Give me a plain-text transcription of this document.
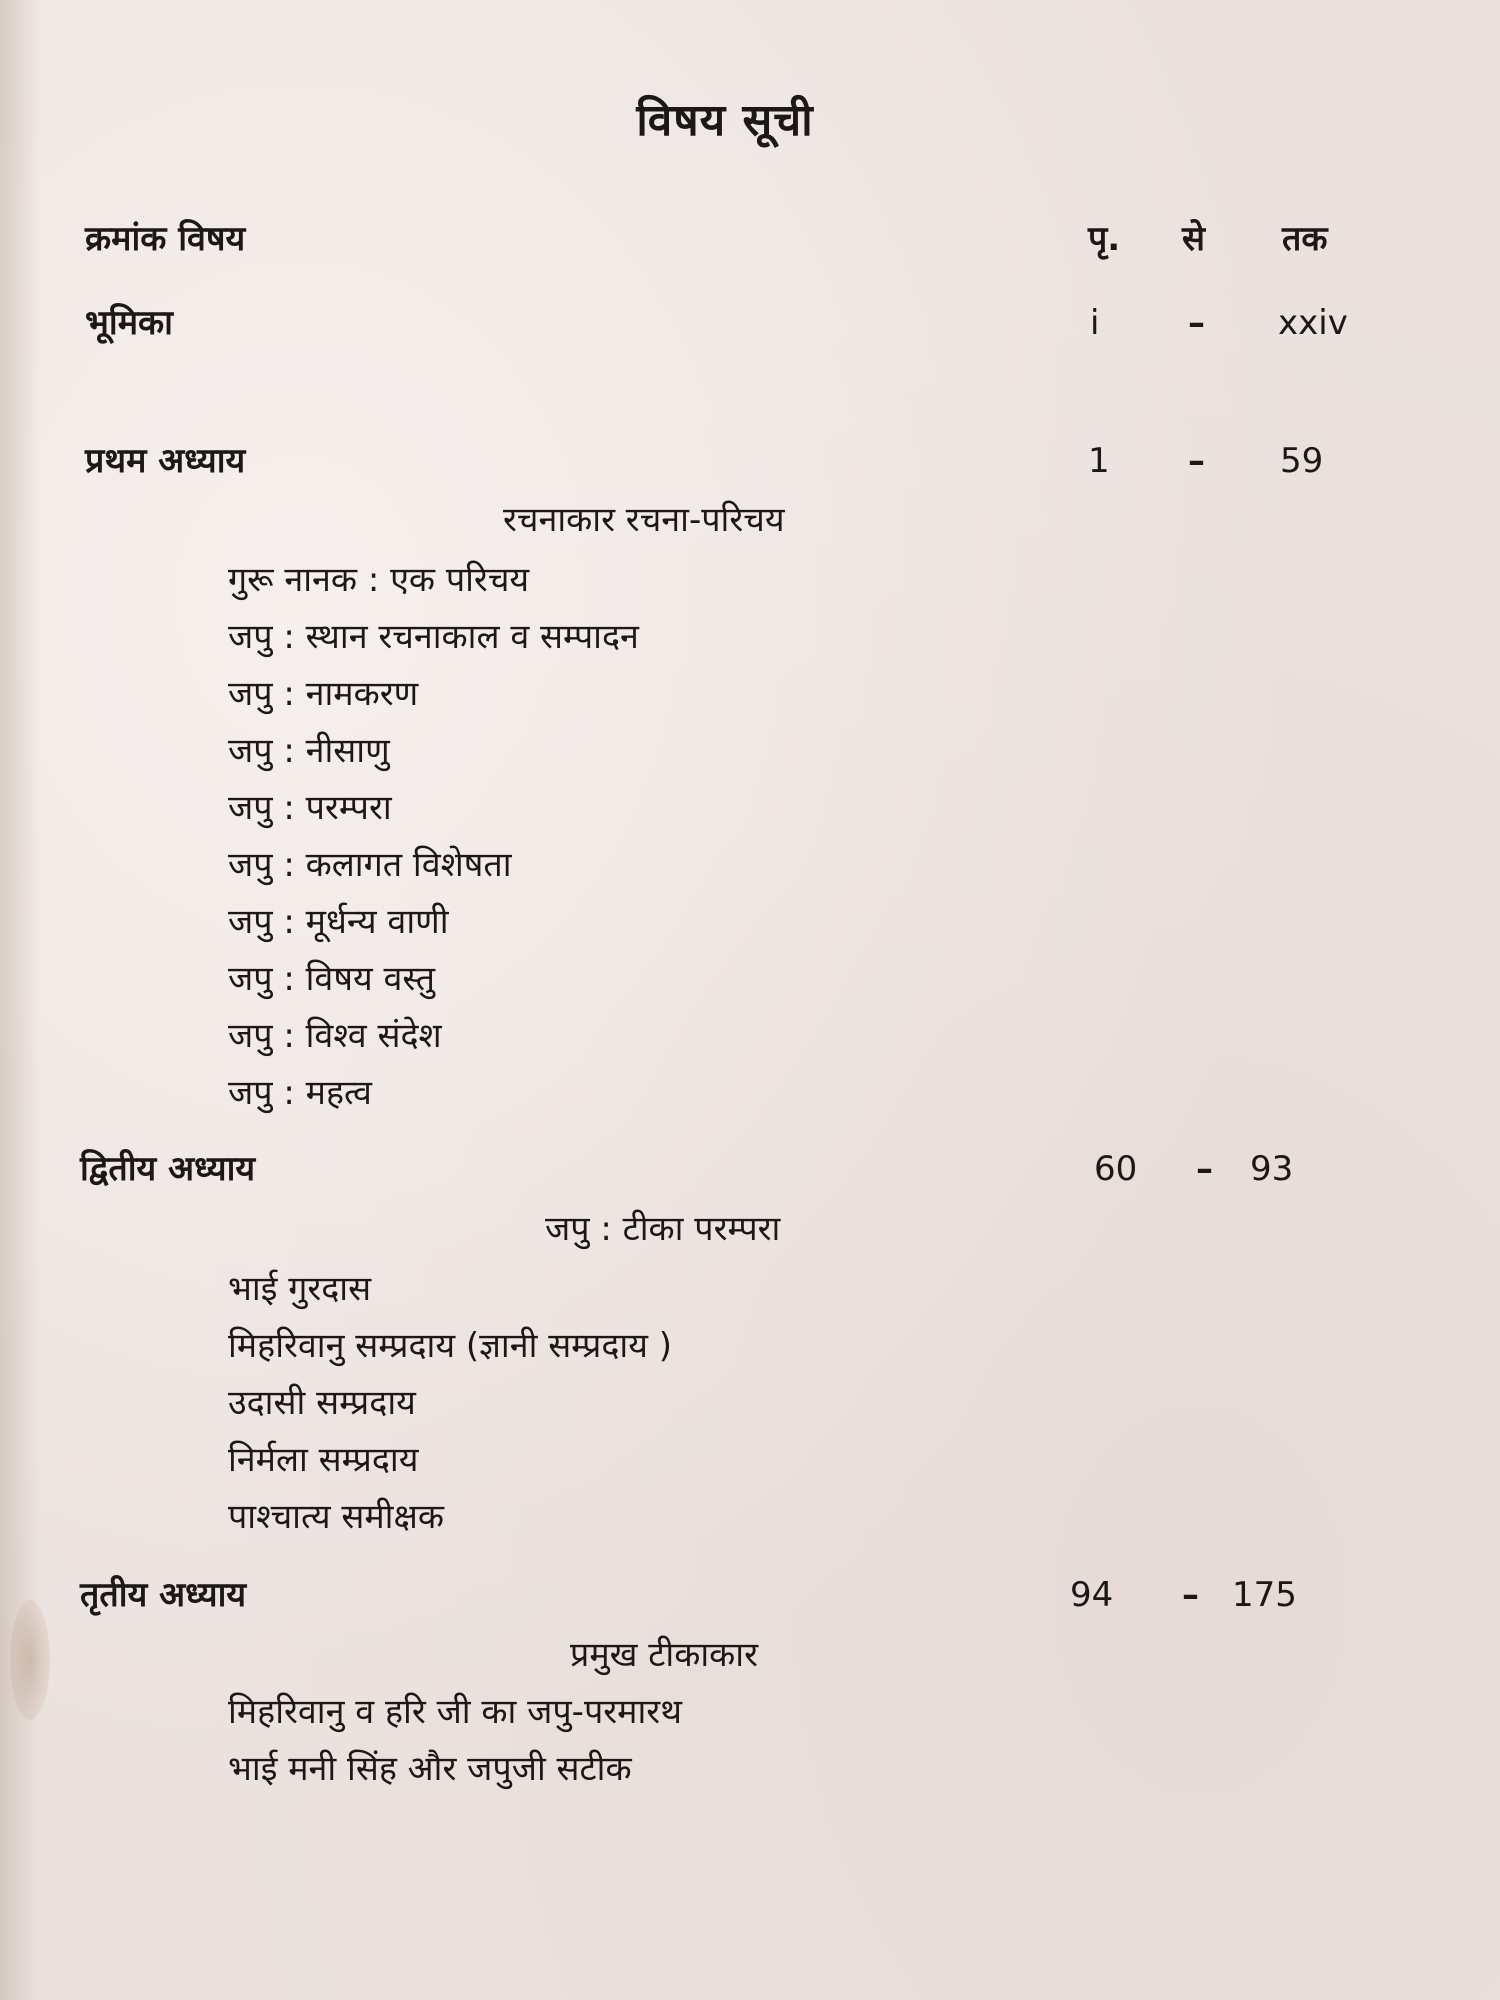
विषय सूची
क्रमांक विषय	पृ. से तक
भूमिका	i	– xxiv
प्रथम अध्याय	1 – 59
रचनाकार रचना-परिचय
गुरू नानक : एक परिचय
जपु : स्थान रचनाकाल व सम्पादन
जपु : नामकरण
जपु : नीसाणु
जपु : परम्परा
जपु : कलागत विशेषता
जपु : मूर्धन्य वाणी
जपु : विषय वस्तु
जपु : विश्व संदेश
जपु : महत्व
द्वितीय अध्याय	60 – 93
जपु : टीका परम्परा
भाई गुरदास
मिहरिवानु सम्प्रदाय (ज्ञानी सम्प्रदाय )
उदासी सम्प्रदाय
निर्मला सम्प्रदाय
पाश्चात्य समीक्षक
तृतीय अध्याय	94 – 175
प्रमुख टीकाकार
मिहरिवानु व हरि जी का जपु-परमारथ
भाई मनी सिंह और जपुजी सटीक
